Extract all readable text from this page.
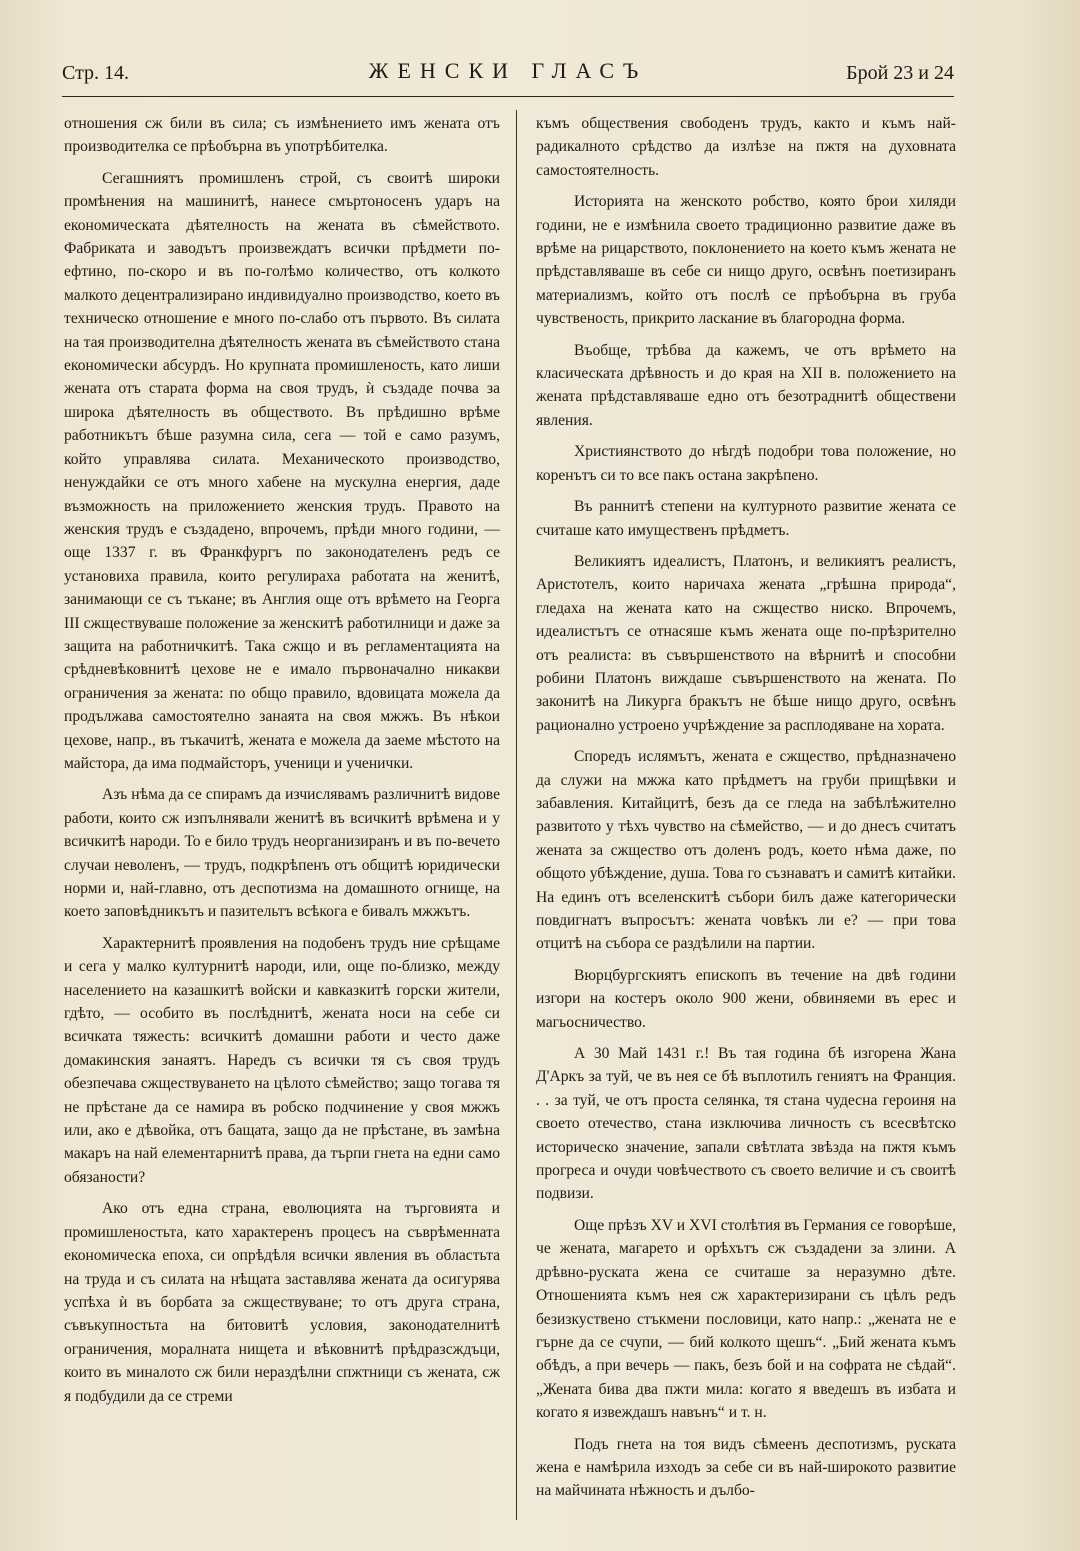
Стр. 14.	ЖЕНСКИ ГЛАСЪ	Брой 23 и 24

отношения сж били въ сила; съ измѣнението имъ жената отъ производителка се прѣобърна въ употрѣбителка.

Сегашниятъ промишленъ строй, съ своитѣ широки промѣнения на машинитѣ, нанесе смъртоносенъ ударъ на економическата дѣятелность на жената въ сѣмейството. Фабриката и заводътъ произвеждатъ всички прѣдмети по-ефтино, по-скоро и въ по-голѣмо количество, отъ колкото малкото децентрализирано индивидуално производство, което въ техническо отношение е много по-слабо отъ първото. Въ силата на тая производителна дѣятелность жената въ сѣмейството стана економически абсурдъ. Но крупната промишленость, като лиши жената отъ старата форма на своя трудъ, ѝ създаде почва за широка дѣятелность въ обществото. Въ прѣдишно врѣме работникътъ бѣше разумна сила, сега — той е само разумъ, който управлява силата. Механическото производство, ненуждайки се отъ много хабене на мускулна енергия, даде възможность на приложението женския трудъ. Правото на женския трудъ е създадено, впрочемъ, прѣди много години, — още 1337 г. въ Франкфургъ по законодателенъ редъ се установиха правила, които регулираха работата на женитѣ, занимающи се съ тъкане; въ Англия още отъ врѣмето на Георга III сжществуваше положение за женскитѣ работилници и даже за защита на работничкитѣ. Така сжщо и въ регламентацията на срѣдневѣковнитѣ цехове не е имало първоначално никакви ограничения за жената: по общо правило, вдовицата можела да продължава самостоятелно занаята на своя мжжъ. Въ нѣкои цехове, напр., въ тъкачитѣ, жената е можела да заеме мѣстото на майстора, да има подмайсторъ, ученици и ученички.

Азъ нѣма да се спирамъ да изчислявамъ различнитѣ видове работи, които сж изпълнявали женитѣ въ всичкитѣ врѣмена и у всичкитѣ народи. То е било трудъ неорганизиранъ и въ по-вечето случаи неволенъ, — трудъ, подкрѣпенъ отъ общитѣ юридически норми и, най-главно, отъ деспотизма на домашното огнище, на което заповѣдникътъ и пазительтъ всѣкога е бивалъ мжжътъ.

Характернитѣ проявления на подобенъ трудъ ние срѣщаме и сега у малко културнитѣ народи, или, още по-близко, между населението на казашкитѣ войски и кавказкитѣ горски жители, гдѣто, — особито въ послѣднитѣ, жената носи на себе си всичката тяжесть: всичкитѣ домашни работи и често даже домакинския занаятъ. Наредъ съ всички тя съ своя трудъ обезпечава сжществуването на цѣлото сѣмейство; защо тогава тя не прѣстане да се намира въ робско подчинение у своя мжжъ или, ако е дѣвойка, отъ бащата, защо да не прѣстане, въ замѣна макаръ на най елементарнитѣ права, да търпи гнета на едни само обязаности?

Ако отъ една страна, еволюцията на търговията и промишленостьта, като характеренъ процесъ на съврѣменната економическа епоха, си опрѣдѣля всички явления въ областьта на труда и съ силата на нѣщата заставлява жената да осигурява успѣха ѝ въ борбата за сжществуване; то отъ друга страна, съвъкупностьта на битовитѣ условия, законодателнитѣ ограничения, моралната нищета и вѣковнитѣ прѣдразсждъци, които въ миналото сж били нераздѣлни спжтници съ жената, сж я подбудили да се стреми

къмъ обществения свободенъ трудъ, както и къмъ най-радикалното срѣдство да излѣзе на пжтя на духовната самостоятелность.

Историята на женското робство, която брои хиляди години, не е измѣнила своето традиционно развитие даже въ врѣме на рицарството, поклонението на което къмъ жената не прѣдставляваше въ себе си нищо друго, освѣнъ поетизиранъ материализмъ, който отъ послѣ се прѣобърна въ груба чувственость, прикрито ласкание въ благородна форма.

Въобще, трѣбва да кажемъ, че отъ врѣмето на класическата дрѣвность и до края на XII в. положението на жената прѣдставляваше едно отъ безотраднитѣ обществени явления.

Християнството до нѣгдѣ подобри това положение, но коренътъ си то все пакъ остана закрѣпено.

Въ раннитѣ степени на културното развитие жената се считаше като имущественъ прѣдметъ.

Великиятъ идеалистъ, Платонъ, и великиятъ реалистъ, Аристотелъ, които наричаха жената „грѣшна природа“, гледаха на жената като на сжщество ниско. Впрочемъ, идеалистътъ се отнасяше къмъ жената още по-прѣзрително отъ реалиста: въ съвършенството на вѣрнитѣ и способни робини Платонъ виждаше съвършенството на жената. По законитѣ на Ликурга бракътъ не бѣше нищо друго, освѣнъ рационално устроено учрѣждение за расплодяване на хората.

Споредъ ислямътъ, жената е сжщество, прѣдназначено да служи на мжжа като прѣдметъ на груби прищѣвки и забавления. Китайцитѣ, безъ да се гледа на забѣлѣжително развитото у тѣхъ чувство на сѣмейство, — и до днесъ считатъ жената за сжщество отъ доленъ родъ, което нѣма даже, по общото убѣждение, душа. Това го съзнаватъ и самитѣ китайки. На единъ отъ вселенскитѣ събори билъ даже категорически повдигнатъ въпросътъ: жената човѣкъ ли е? — при това отцитѣ на събора се раздѣлили на партии.

Вюрцбургскиятъ епископъ въ течение на двѣ години изгори на костеръ около 900 жени, обвиняеми въ ерес и магьосничество.

А 30 Май 1431 г.! Въ тая година бѣ изгорена Жана Д'Аркъ за туй, че въ нея се бѣ въплотилъ гениятъ на Франция. . . за туй, че отъ проста селянка, тя стана чудесна героиня на своето отечество, стана изключива личность съ всесвѣтско историческо значение, запали свѣтлата звѣзда на пжтя къмъ прогреса и очуди човѣчеството съ своето величие и съ своитѣ подвизи.

Още прѣзъ XV и XVI столѣтия въ Германия се говорѣше, че жената, магарето и орѣхътъ сж създадени за злини. А дрѣвно-руската жена се считаше за неразумно дѣте. Отношенията къмъ нея сж характеризирани съ цѣлъ редъ безизкуствено стъкмени пословици, като напр.: „жената не е гърне да се счупи, — бий колкото щешъ“. „Бий жената къмъ обѣдъ, а при вечерь — пакъ, безъ бой и на софрата не сѣдай“. „Жената бива два пжти мила: когато я введешъ въ избата и когато я извеждашъ навънъ“ и т. н.

Подъ гнета на тоя видъ сѣмеенъ деспотизмъ, руската жена е намѣрила изходъ за себе си въ най-широкото развитие на майчината нѣжность и дълбо-
